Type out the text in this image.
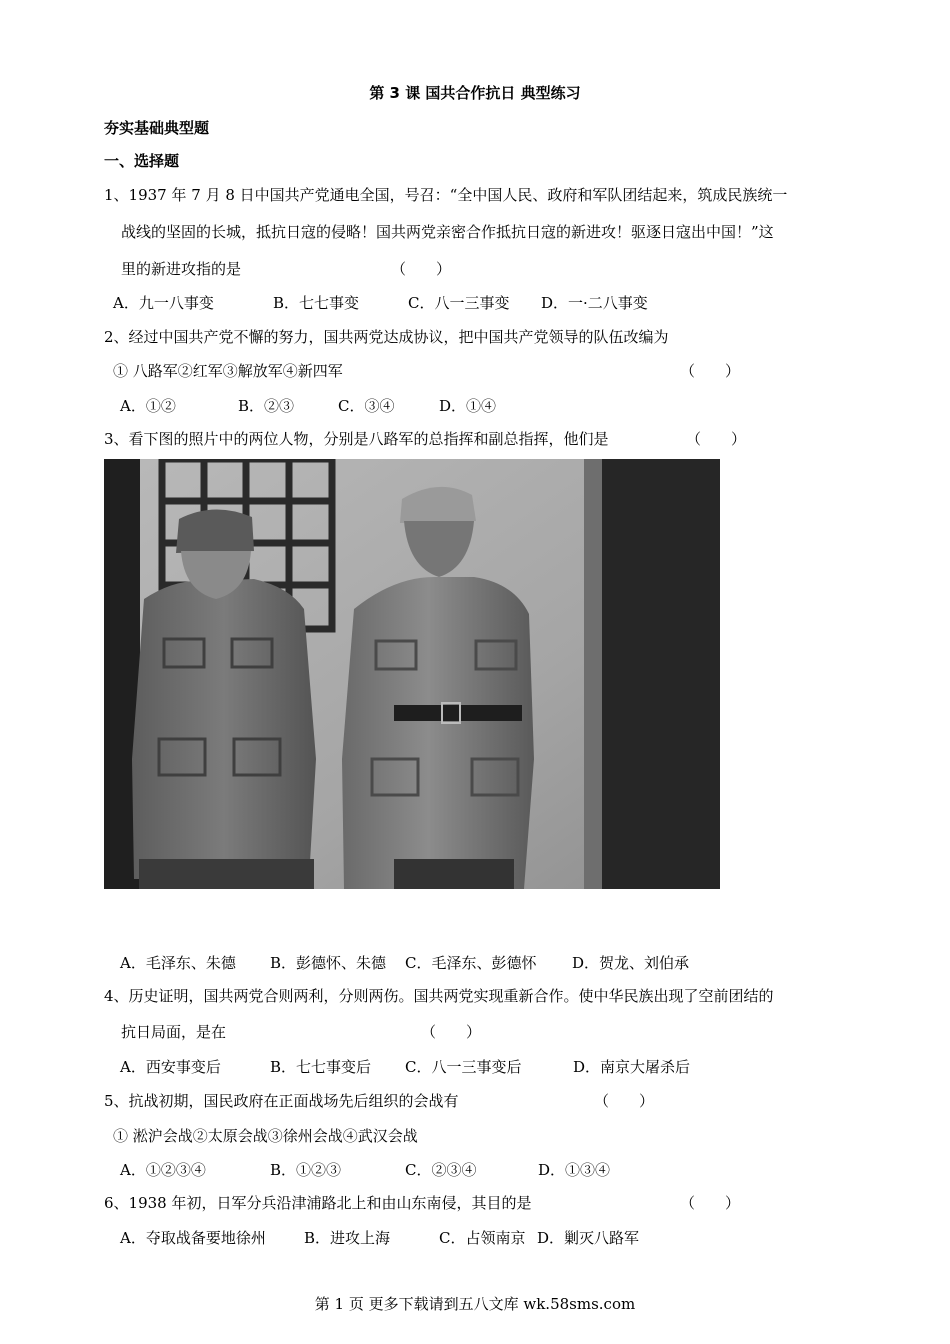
第 3 课 国共合作抗日 典型练习
夯实基础典型题
一、选择题
1、1937 年 7 月 8 日中国共产党通电全国，号召：“全中国人民、政府和军队团结起来，筑成民族统一
战线的坚固的长城，抵抗日寇的侵略！国共两党亲密合作抵抗日寇的新进攻！驱逐日寇出中国！”这
里的新进攻指的是	（　　）
A．九一八事变	B．七七事变	C．八一三事变 D．一·二八事变
2、经过中国共产党不懈的努力，国共两党达成协议，把中国共产党领导的队伍改编为
① 八路军②红军③解放军④新四军	（　　）
A．①②	B．②③	C．③④	D．①④
3、看下图的照片中的两位人物，分别是八路军的总指挥和副总指挥，他们是	（　　）
A．毛泽东、朱德 B．彭德怀、朱德 C．毛泽东、彭德怀 D．贺龙、刘伯承
4、历史证明，国共两党合则两利，分则两伤。国共两党实现重新合作。使中华民族出现了空前团结的
抗日局面，是在	（　　）
A．西安事变后	B．七七事变后 C．八一三事变后	D．南京大屠杀后
5、抗战初期，国民政府在正面战场先后组织的会战有	（　　）
① 淞沪会战②太原会战③徐州会战④武汉会战
A．①②③④	B．①②③	C．②③④	D．①③④
6、1938 年初，日军分兵沿津浦路北上和由山东南侵，其目的是	（　　）
A．夺取战备要地徐州	B．进攻上海	C．占领南京 D．剿灭八路军
第 1 页 更多下载请到五八文库 wk.58sms.com
